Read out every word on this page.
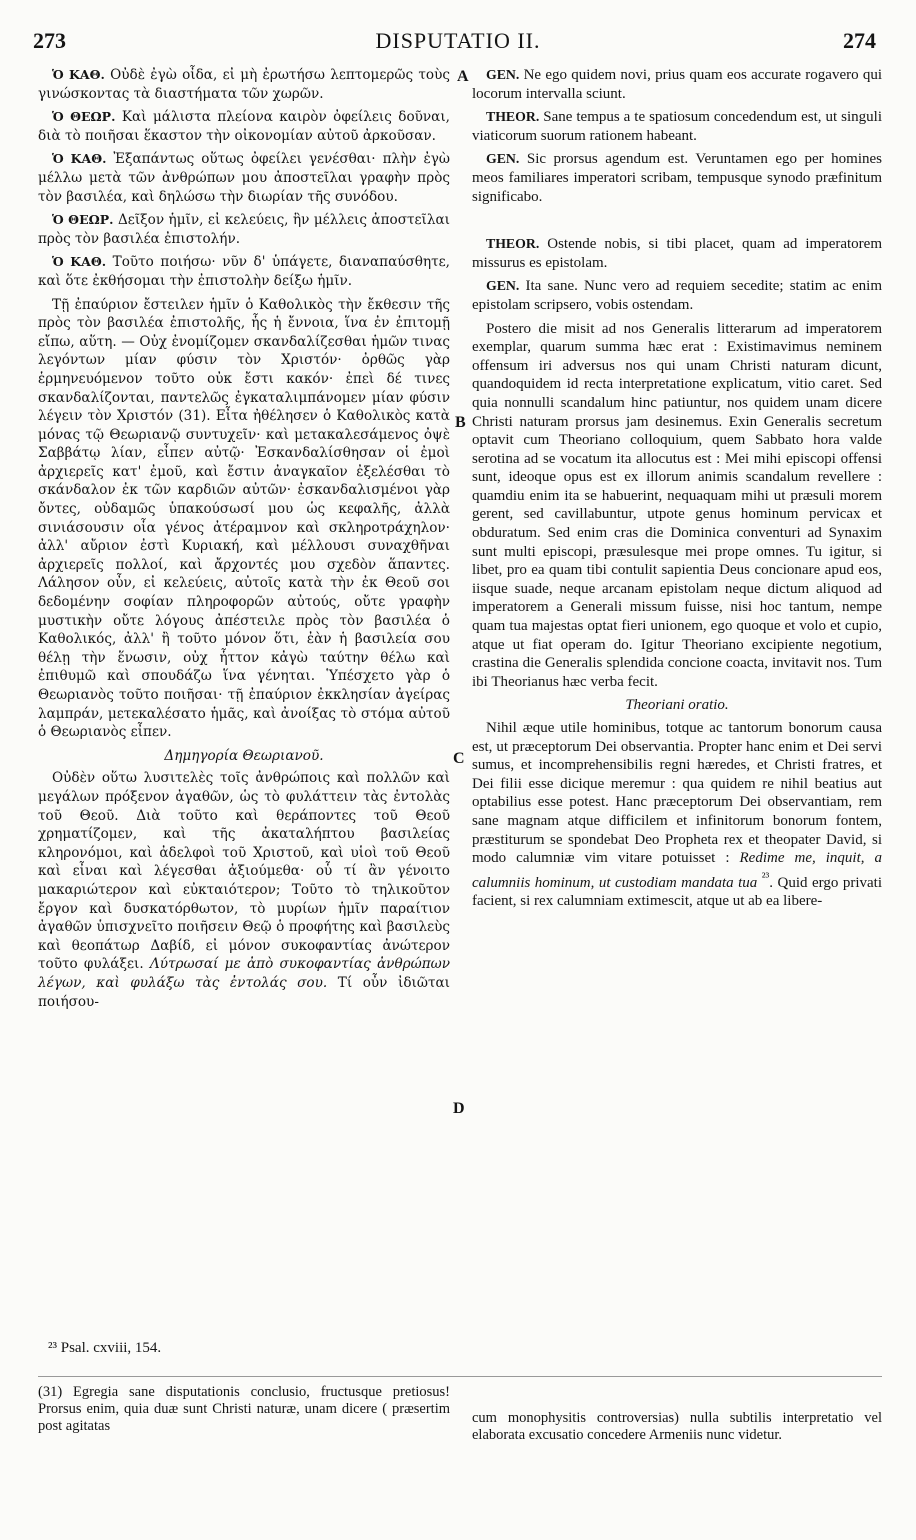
273	DISPUTATIO II.	274

Ὁ ΚΑΘ. Οὐδὲ ἐγὼ οἶδα, εἰ μὴ ἐρωτήσω λεπτομερῶς τοὺς γινώσκοντας τὰ διαστήματα τῶν χωρῶν.

Ὁ ΘΕΩΡ. Καὶ μάλιστα πλείονα καιρὸν ὀφείλεις δοῦναι, διὰ τὸ ποιῆσαι ἕκαστον τὴν οἰκονομίαν αὐτοῦ ἀρκοῦσαν.

Ὁ ΚΑΘ. Ἐξαπάντως οὕτως ὀφείλει γενέσθαι· πλὴν ἐγὼ μέλλω μετὰ τῶν ἀνθρώπων μου ἀποστεῖλαι γραφὴν πρὸς τὸν βασιλέα, καὶ δηλώσω τὴν διωρίαν τῆς συνόδου.

Ὁ ΘΕΩΡ. Δεῖξον ἡμῖν, εἰ κελεύεις, ἣν μέλλεις ἀποστεῖλαι πρὸς τὸν βασιλέα ἐπιστολήν.

Ὁ ΚΑΘ. Τοῦτο ποιήσω· νῦν δ' ὑπάγετε, διαναπαύσθητε, καὶ ὅτε ἐκθήσομαι τὴν ἐπιστολὴν δείξω ἡμῖν.

Τῇ ἐπαύριον ἔστειλεν ἡμῖν ὁ Καθολικὸς τὴν ἔκθεσιν τῆς πρὸς τὸν βασιλέα ἐπιστολῆς, ἧς ἡ ἔννοια, ἵνα ἐν ἐπιτομῇ εἴπω, αὕτη. — Οὐχ ἐνομίζομεν σκανδαλίζεσθαι ἡμῶν τινας λεγόντων μίαν φύσιν τὸν Χριστόν· ὀρθῶς γὰρ ἑρμηνευόμενον τοῦτο οὐκ ἔστι κακόν· ἐπεὶ δέ τινες σκανδαλίζονται, παντελῶς ἐγκαταλιμπάνομεν μίαν φύσιν λέγειν τὸν Χριστόν (31). Εἶτα ἠθέλησεν ὁ Καθολικὸς κατὰ μόνας τῷ Θεωριανῷ συντυχεῖν· καὶ μετακαλεσάμενος ὀψὲ Σαββάτῳ λίαν, εἶπεν αὐτῷ· Ἐσκανδαλίσθησαν οἱ ἐμοὶ ἀρχιερεῖς κατ' ἐμοῦ, καὶ ἔστιν ἀναγκαῖον ἐξελέσθαι τὸ σκάνδαλον ἐκ τῶν καρδιῶν αὐτῶν· ἐσκανδαλισμένοι γὰρ ὄντες, οὐδαμῶς ὑπακούσωσί μου ὡς κεφαλῆς, ἀλλὰ σινιάσουσιν οἷα γένος ἀτέραμνον καὶ σκληροτράχηλον· ἀλλ' αὔριον ἐστὶ Κυριακή, καὶ μέλλουσι συναχθῆναι ἀρχιερεῖς πολλοί, καὶ ἄρχοντές μου σχεδὸν ἅπαντες. Λάλησον οὖν, εἰ κελεύεις, αὐτοῖς κατὰ τὴν ἐκ Θεοῦ σοι δεδομένην σοφίαν πληροφορῶν αὐτούς, οὔτε γραφὴν μυστικὴν οὔτε λόγους ἀπέστειλε πρὸς τὸν βασιλέα ὁ Καθολικός, ἀλλ' ἢ τοῦτο μόνον ὅτι, ἐὰν ἡ βασιλεία σου θέλῃ τὴν ἕνωσιν, οὐχ ἧττον κἀγὼ ταύτην θέλω καὶ ἐπιθυμῶ καὶ σπουδάζω ἵνα γένηται. Ὑπέσχετο γὰρ ὁ Θεωριανὸς τοῦτο ποιῆσαι· τῇ ἐπαύριον ἐκκλησίαν ἀγείρας λαμπράν, μετεκαλέσατο ἡμᾶς, καὶ ἀνοίξας τὸ στόμα αὐτοῦ ὁ Θεωριανὸς εἶπεν.

Δημηγορία Θεωριανοῦ.

Οὐδὲν οὕτω λυσιτελὲς τοῖς ἀνθρώποις καὶ πολλῶν καὶ μεγάλων πρόξενον ἀγαθῶν, ὡς τὸ φυλάττειν τὰς ἐντολὰς τοῦ Θεοῦ. Διὰ τοῦτο καὶ θεράποντες τοῦ Θεοῦ χρηματίζομεν, καὶ τῆς ἀκαταλήπτου βασιλείας κληρονόμοι, καὶ ἀδελφοὶ τοῦ Χριστοῦ, καὶ υἱοὶ τοῦ Θεοῦ καὶ εἶναι καὶ λέγεσθαι ἀξιούμεθα· οὗ τί ἂν γένοιτο μακαριώτερον καὶ εὐκταιότερον; Τοῦτο τὸ τηλικοῦτον ἔργον καὶ δυσκατόρθωτον, τὸ μυρίων ἡμῖν παραίτιον ἀγαθῶν ὑπισχνεῖτο ποιῆσειν Θεῷ ὁ προφήτης καὶ βασιλεὺς καὶ θεοπάτωρ Δαβίδ, εἰ μόνον συκοφαντίας ἀνώτερον τοῦτο φυλάξει. Λύτρωσαί με ἀπὸ συκοφαντίας ἀνθρώπων λέγων, καὶ φυλάξω τὰς ἐντολάς σου. Τί οὖν ἰδιῶται ποιήσου-

A
B
C
D

GEN. Ne ego quidem novi, prius quam eos accurate rogavero qui locorum intervalla sciunt.

THEOR. Sane tempus a te spatiosum concedendum est, ut singuli viaticorum suorum rationem habeant.

GEN. Sic prorsus agendum est. Veruntamen ego per homines meos familiares imperatori scribam, tempusque synodo præfinitum significabo.

THEOR. Ostende nobis, si tibi placet, quam ad imperatorem missurus es epistolam.

GEN. Ita sane. Nunc vero ad requiem secedite; statim ac enim epistolam scripsero, vobis ostendam.

Postero die misit ad nos Generalis litterarum ad imperatorem exemplar, quarum summa hæc erat : Existimavimus neminem offensum iri adversus nos qui unam Christi naturam dicunt, quandoquidem id recta interpretatione explicatum, vitio caret. Sed quia nonnulli scandalum hinc patiuntur, nos quidem unam dicere Christi naturam prorsus jam desinemus. Exin Generalis secretum optavit cum Theoriano colloquium, quem Sabbato hora valde serotina ad se vocatum ita allocutus est : Mei mihi episcopi offensi sunt, ideoque opus est ex illorum animis scandalum revellere : quamdiu enim ita se habuerint, nequaquam mihi ut præsuli morem gerent, sed cavillabuntur, utpote genus hominum pervicax et obduratum. Sed enim cras die Dominica conventuri ad Synaxim sunt multi episcopi, præsulesque mei prope omnes. Tu igitur, si libet, pro ea quam tibi contulit sapientia Deus concionare apud eos, iisque suade, neque arcanam epistolam neque dictum aliquod ad imperatorem a Generali missum fuisse, nisi hoc tantum, nempe quam tua majestas optat fieri unionem, ego quoque et volo et cupio, atque ut fiat operam do. Igitur Theoriano excipiente negotium, crastina die Generalis splendida concione coacta, invitavit nos. Tum ibi Theorianus hæc verba fecit.

Theoriani oratio.

Nihil æque utile hominibus, totque ac tantorum bonorum causa est, ut præceptorum Dei observantia. Propter hanc enim et Dei servi sumus, et incomprehensibilis regni hæredes, et Christi fratres, et Dei filii esse dicique meremur : qua quidem re nihil beatius aut optabilius esse potest. Hanc præceptorum Dei observantiam, rem sane magnam atque difficilem et infinitorum bonorum fontem, præstiturum se spondebat Deo Propheta rex et theopater David, si modo calumniæ vim vitare potuisset : Redime me, inquit, a calumniis hominum, ut custodiam mandata tua $^{^{23}}$. Quid ergo privati facient, si rex calumniam extimescit, atque ut ab ea libere-

²³ Psal. cxviii, 154.

(31) Egregia sane disputationis conclusio, fructusque pretiosus! Prorsus enim, quia duæ sunt Christi naturæ, unam dicere ( præsertim post agitatas	cum monophysitis controversias) nulla subtilis interpretatio vel elaborata excusatio concedere Armeniis nunc videtur.
